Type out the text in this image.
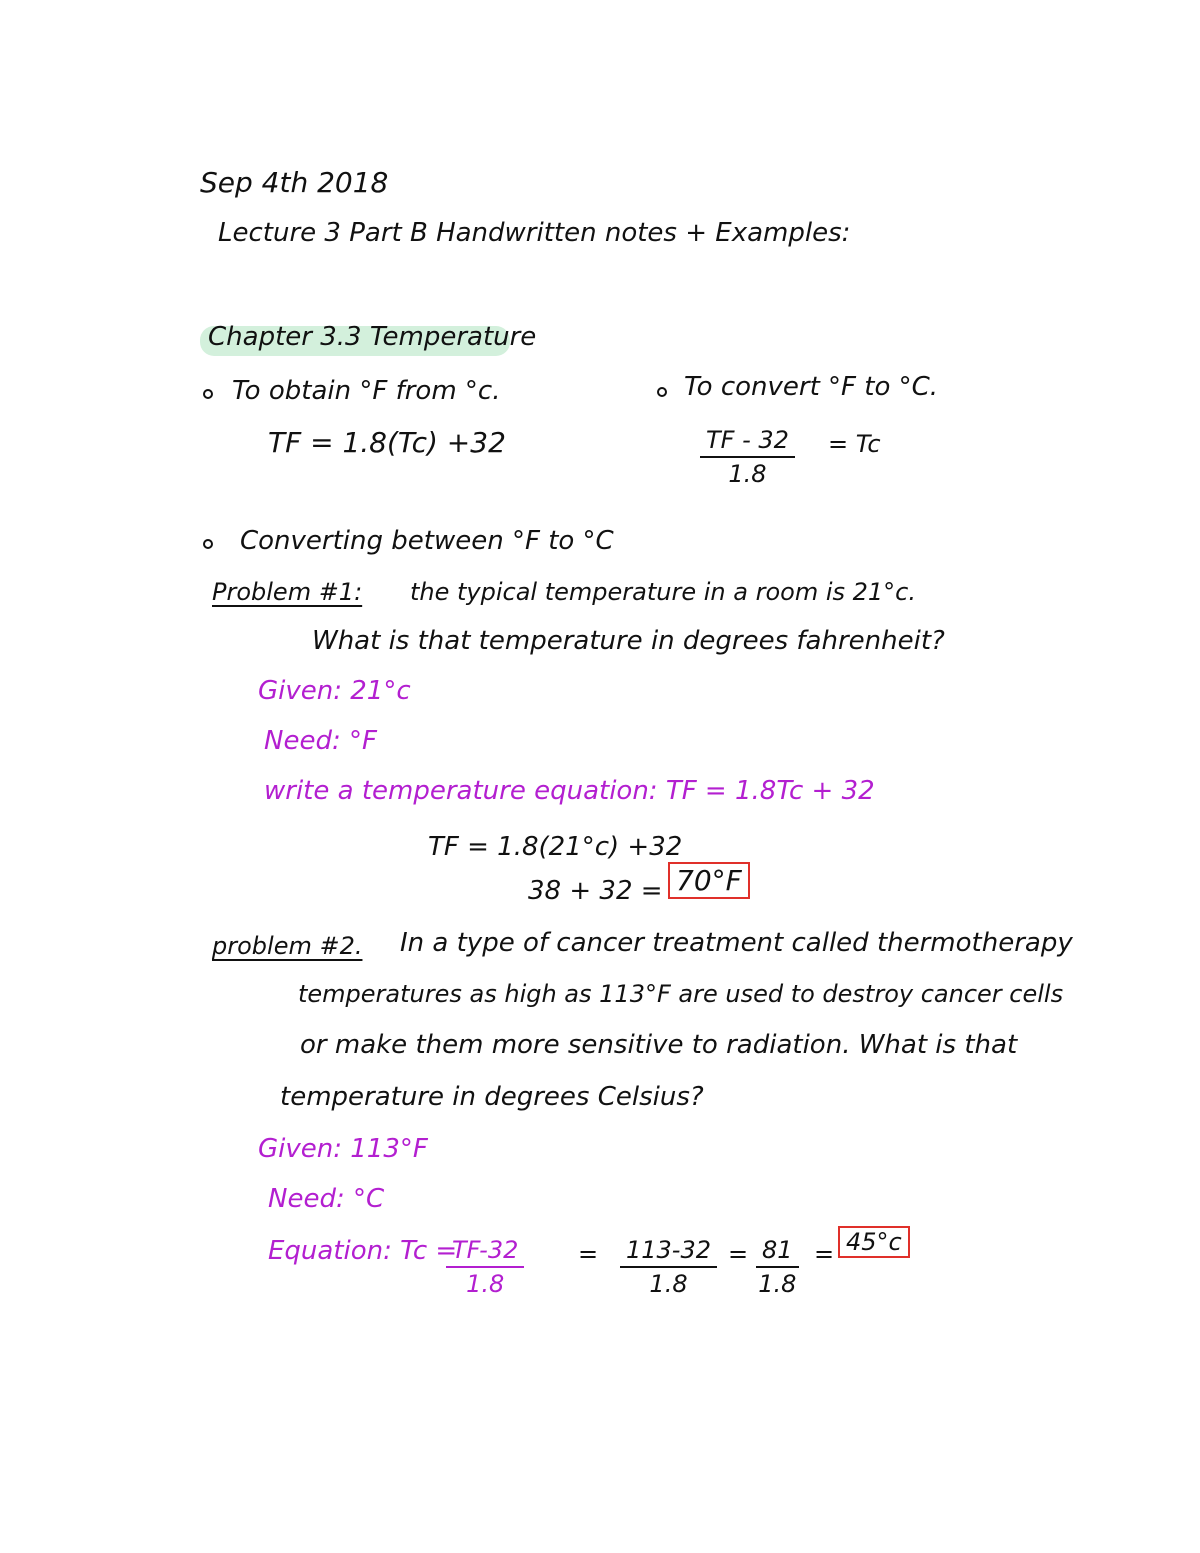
Sep 4th 2018
Lecture 3 Part B Handwritten notes + Examples:
Chapter 3.3 Temperature
To obtain °F from °c.
TF = 1.8(Tc) +32
To convert °F to °C.
$\frac{TF - 32}{1.8} = Tc$
Converting between °F to °C
Problem #1: the typical temperature in a room is 21°c.
What is that temperature in degrees fahrenheit?
Given: 21°c
Need: °F
write a temperature equation: TF = 1.8Tc + 32
TF = 1.8(21°c) +32
38 + 32 = 70°F
problem #2. In a type of cancer treatment called thermotherapy
temperatures as high as 113°F are used to destroy cancer cells
or make them more sensitive to radiation. What is that
temperature in degrees Celsius?
Given: 113°F
Need: °C
Equation: Tc =
$\frac{TF-32}{1.8} = \frac{113-32}{1.8} = \frac{81}{1.8} = 45^\circ c$
